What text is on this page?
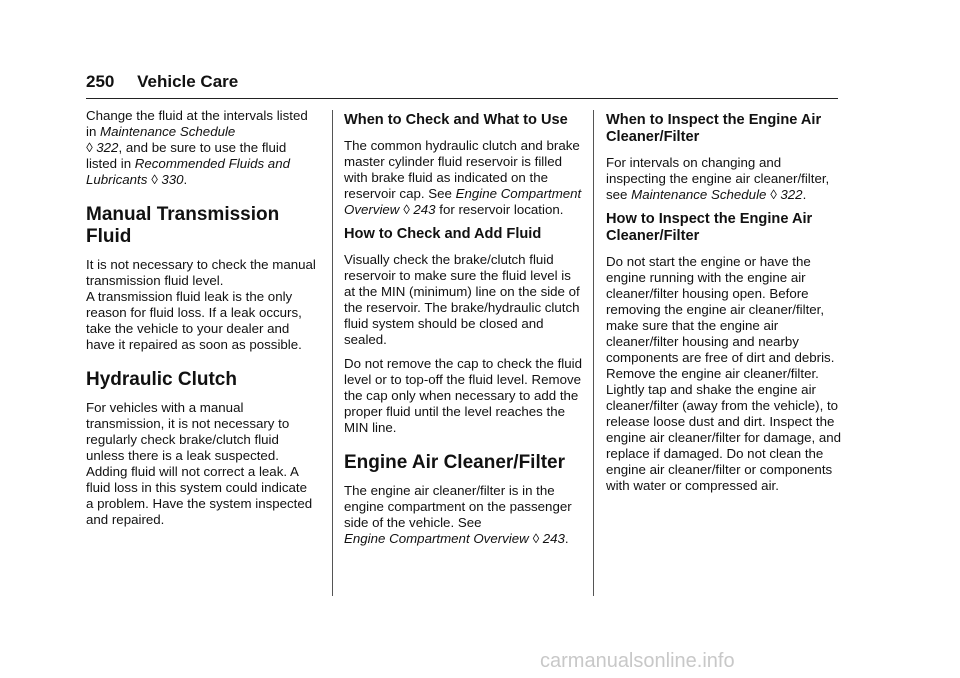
250 Vehicle Care

Change the fluid at the intervals listed in Maintenance Schedule
◊ 322, and be sure to use the fluid listed in Recommended Fluids and Lubricants ◊ 330.

Manual Transmission Fluid

It is not necessary to check the manual transmission fluid level.

A transmission fluid leak is the only reason for fluid loss. If a leak occurs, take the vehicle to your dealer and have it repaired as soon as possible.

Hydraulic Clutch

For vehicles with a manual transmission, it is not necessary to regularly check brake/clutch fluid unless there is a leak suspected. Adding fluid will not correct a leak. A fluid loss in this system could indicate a problem. Have the system inspected and repaired.

When to Check and What to Use

The common hydraulic clutch and brake master cylinder fluid reservoir is filled with brake fluid as indicated on the reservoir cap. See Engine Compartment Overview ◊ 243 for reservoir location.

How to Check and Add Fluid

Visually check the brake/clutch fluid reservoir to make sure the fluid level is at the MIN (minimum) line on the side of the reservoir. The brake/hydraulic clutch fluid system should be closed and sealed.

Do not remove the cap to check the fluid level or to top-off the fluid level. Remove the cap only when necessary to add the proper fluid until the level reaches the MIN line.

Engine Air Cleaner/Filter

The engine air cleaner/filter is in the engine compartment on the passenger side of the vehicle. See
Engine Compartment Overview ◊ 243.

When to Inspect the Engine Air Cleaner/Filter

For intervals on changing and inspecting the engine air cleaner/filter, see Maintenance Schedule ◊ 322.

How to Inspect the Engine Air Cleaner/Filter

Do not start the engine or have the engine running with the engine air cleaner/filter housing open. Before removing the engine air cleaner/filter, make sure that the engine air cleaner/filter housing and nearby components are free of dirt and debris. Remove the engine air cleaner/filter. Lightly tap and shake the engine air cleaner/filter (away from the vehicle), to release loose dust and dirt. Inspect the engine air cleaner/filter for damage, and replace if damaged. Do not clean the engine air cleaner/filter or components with water or compressed air.

carmanualsonline.info
